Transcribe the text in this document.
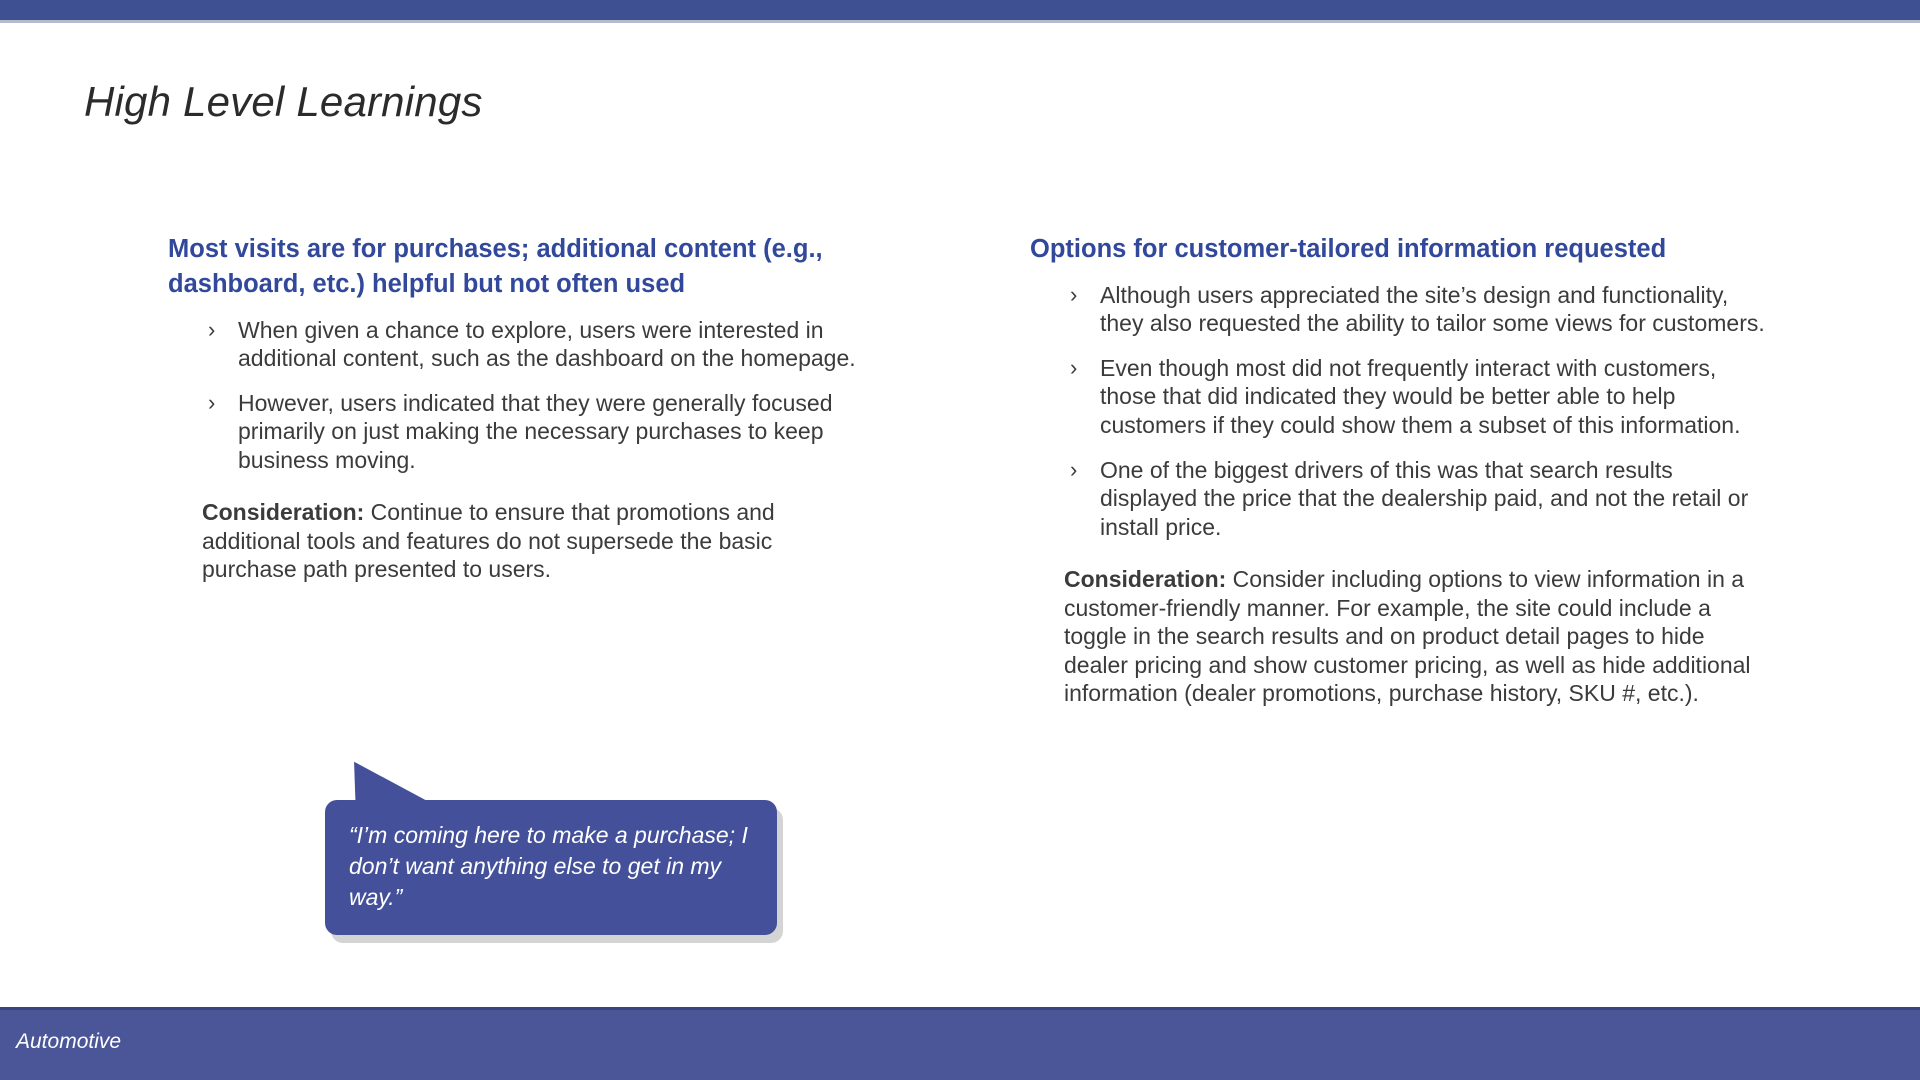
High Level Learnings
Most visits are for purchases; additional content (e.g., dashboard, etc.) helpful but not often used
› When given a chance to explore, users were interested in additional content, such as the dashboard on the homepage.
› However, users indicated that they were generally focused primarily on just making the necessary purchases to keep business moving.
Consideration: Continue to ensure that promotions and additional tools and features do not supersede the basic purchase path presented to users.
Options for customer-tailored information requested
› Although users appreciated the site’s design and functionality, they also requested the ability to tailor some views for customers.
› Even though most did not frequently interact with customers, those that did indicated they would be better able to help customers if they could show them a subset of this information.
› One of the biggest drivers of this was that search results displayed the price that the dealership paid, and not the retail or install price.
Consideration: Consider including options to view information in a customer-friendly manner. For example, the site could include a toggle in the search results and on product detail pages to hide dealer pricing and show customer pricing, as well as hide additional information (dealer promotions, purchase history, SKU #, etc.).
“I’m coming here to make a purchase; I don’t want anything else to get in my way.”
Automotive
